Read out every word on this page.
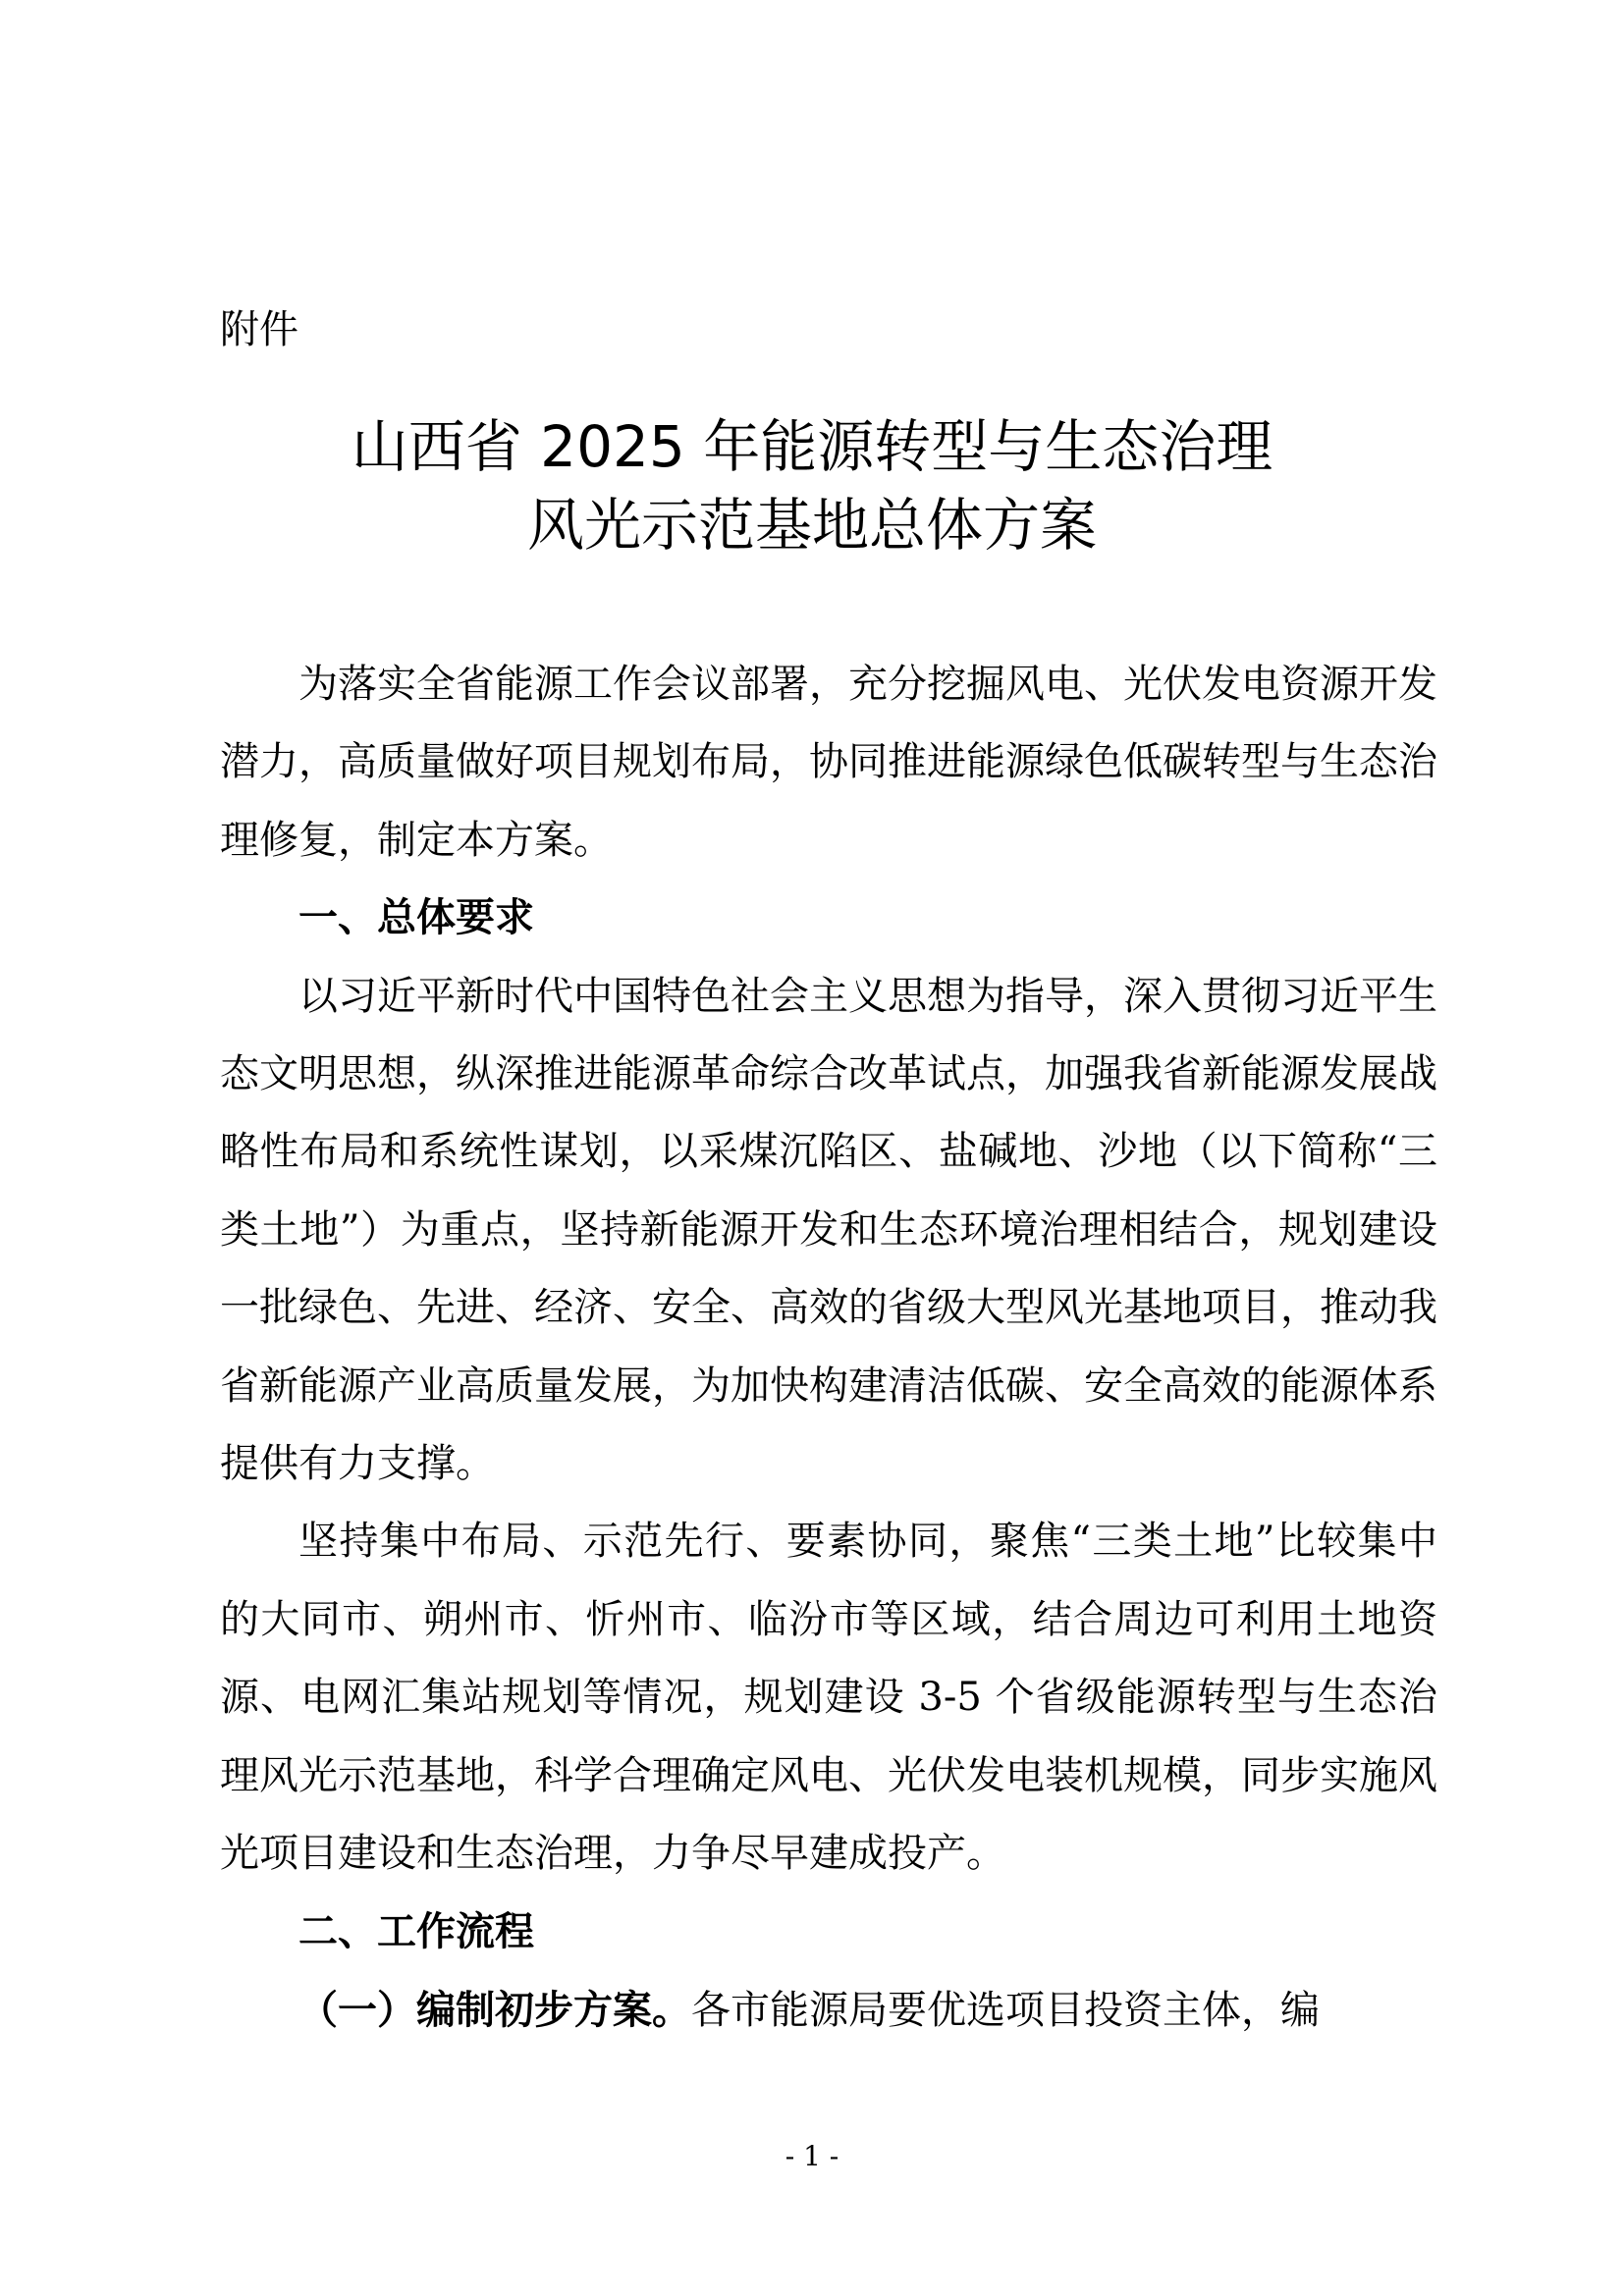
附件

山西省 2025 年能源转型与生态治理
风光示范基地总体方案

为落实全省能源工作会议部署，充分挖掘风电、光伏发电资源开发潜力，高质量做好项目规划布局，协同推进能源绿色低碳转型与生态治理修复，制定本方案。

一、总体要求

以习近平新时代中国特色社会主义思想为指导，深入贯彻习近平生态文明思想，纵深推进能源革命综合改革试点，加强我省新能源发展战略性布局和系统性谋划，以采煤沉陷区、盐碱地、沙地（以下简称“三类土地”）为重点，坚持新能源开发和生态环境治理相结合，规划建设一批绿色、先进、经济、安全、高效的省级大型风光基地项目，推动我省新能源产业高质量发展，为加快构建清洁低碳、安全高效的能源体系提供有力支撑。

坚持集中布局、示范先行、要素协同，聚焦“三类土地”比较集中的大同市、朔州市、忻州市、临汾市等区域，结合周边可利用土地资源、电网汇集站规划等情况，规划建设 3-5 个省级能源转型与生态治理风光示范基地，科学合理确定风电、光伏发电装机规模，同步实施风光项目建设和生态治理，力争尽早建成投产。

二、工作流程

（一）编制初步方案。各市能源局要优选项目投资主体，编

- 1 -
